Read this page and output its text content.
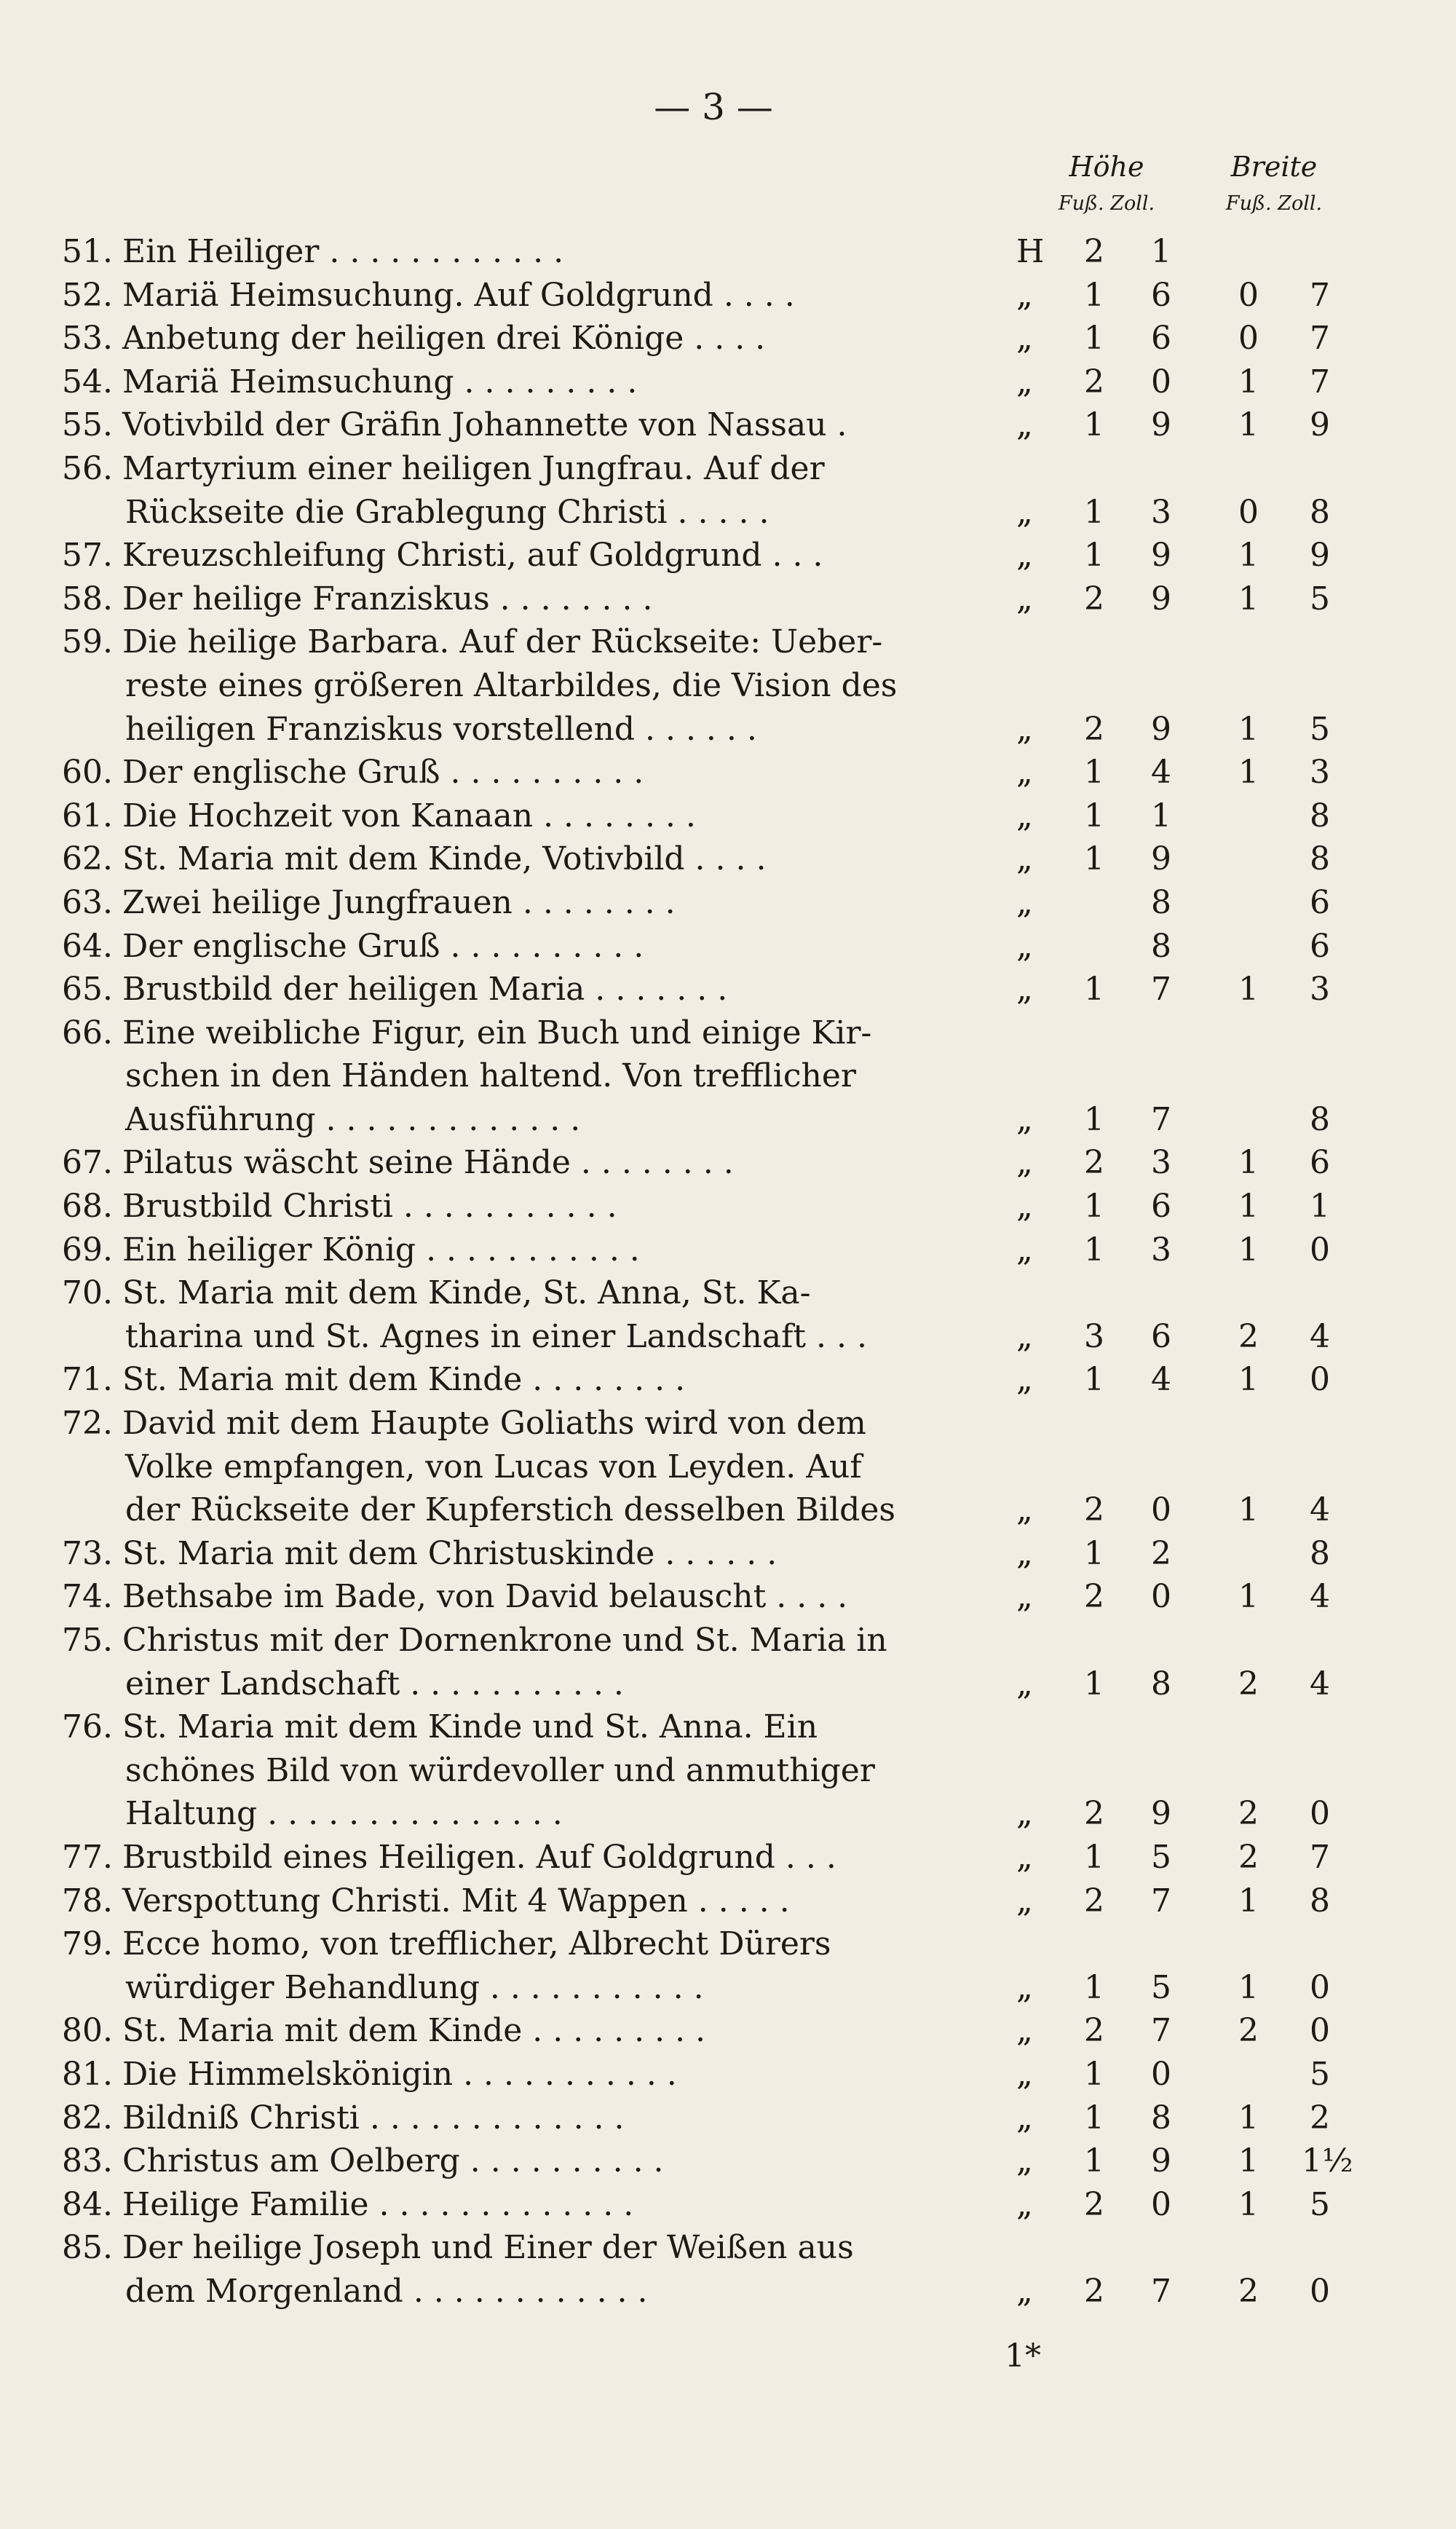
— 3 —
Höhe
Fuß. Zoll.
Breite
Fuß. Zoll.
51. Ein Heiliger . . . . . . . . . . . .	H 2 1
52. Mariä Heimsuchung. Auf Goldgrund . . . .	„ 1 6 0 7
53. Anbetung der heiligen drei Könige . . . .	„ 1 6 0 7
54. Mariä Heimsuchung . . . . . . . . .	„ 2 0 1 7
55. Votivbild der Gräfin Johannette von Nassau .	„ 1 9 1 9
56. Martyrium einer heiligen Jungfrau. Auf der
Rückseite die Grablegung Christi . . . . .	„ 1 3 0 8
57. Kreuzschleifung Christi, auf Goldgrund . . .	„ 1 9 1 9
58. Der heilige Franziskus . . . . . . . .	„ 2 9 1 5
59. Die heilige Barbara. Auf der Rückseite: Ueber-
reste eines größeren Altarbildes, die Vision des
heiligen Franziskus vorstellend . . . . . .	„ 2 9 1 5
60. Der englische Gruß . . . . . . . . . .	„ 1 4 1 3
61. Die Hochzeit von Kanaan . . . . . . . .	„ 1 1	8
62. St. Maria mit dem Kinde, Votivbild . . . .	„ 1 9	8
63. Zwei heilige Jungfrauen . . . . . . . .	„	8	6
64. Der englische Gruß . . . . . . . . . .	„	8	6
65. Brustbild der heiligen Maria . . . . . . .	„ 1 7 1 3
66. Eine weibliche Figur, ein Buch und einige Kir-
schen in den Händen haltend. Von trefflicher
Ausführung . . . . . . . . . . . . .	„ 1 7	8
67. Pilatus wäscht seine Hände . . . . . . . .	„ 2 3 1 6
68. Brustbild Christi . . . . . . . . . . .	„ 1 6 1 1
69. Ein heiliger König . . . . . . . . . . .	„ 1 3 1 0
70. St. Maria mit dem Kinde, St. Anna, St. Ka-
tharina und St. Agnes in einer Landschaft . . .	„ 3 6 2 4
71. St. Maria mit dem Kinde . . . . . . . .	„ 1 4 1 0
72. David mit dem Haupte Goliaths wird von dem
Volke empfangen, von Lucas von Leyden. Auf
der Rückseite der Kupferstich desselben Bildes	„ 2 0 1 4
73. St. Maria mit dem Christuskinde . . . . . .	„ 1 2	8
74. Bethsabe im Bade, von David belauscht . . . .	„ 2 0 1 4
75. Christus mit der Dornenkrone und St. Maria in
einer Landschaft . . . . . . . . . . .	„ 1 8 2 4
76. St. Maria mit dem Kinde und St. Anna. Ein
schönes Bild von würdevoller und anmuthiger
Haltung . . . . . . . . . . . . . . .	„ 2 9 2 0
77. Brustbild eines Heiligen. Auf Goldgrund . . .	„ 1 5 2 7
78. Verspottung Christi. Mit 4 Wappen . . . . .	„ 2 7 1 8
79. Ecce homo, von trefflicher, Albrecht Dürers
würdiger Behandlung . . . . . . . . . . .	„ 1 5 1 0
80. St. Maria mit dem Kinde . . . . . . . . .	„ 2 7 2 0
81. Die Himmelskönigin . . . . . . . . . . .	„ 1 0	5
82. Bildniß Christi . . . . . . . . . . . . .	„ 1 8 1 2
83. Christus am Oelberg . . . . . . . . . .	„ 1 9 1 1½
84. Heilige Familie . . . . . . . . . . . . .	„ 2 0 1 5
85. Der heilige Joseph und Einer der Weißen aus
dem Morgenland . . . . . . . . . . . .	„ 2 7 2 0
1*
